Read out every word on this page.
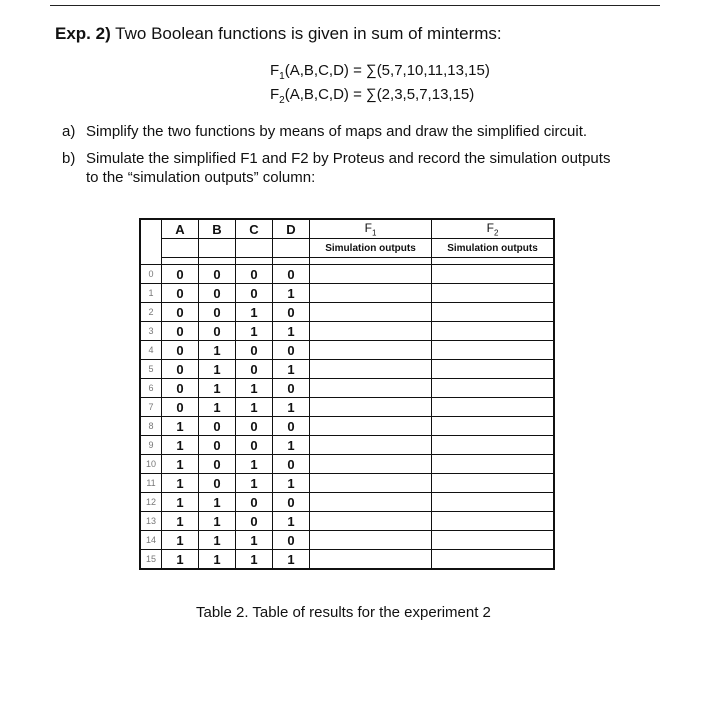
Exp. 2) Two Boolean functions is given in sum of minterms:
$F_1(A,B,C,D) = \sum(5,7,10,11,13,15)$
$F_2(A,B,C,D) = \sum(2,3,5,7,13,15)$
a) Simplify the two functions by means of maps and draw the simplified circuit.
b) Simulate the simplified F1 and F2 by Proteus and record the simulation outputs
to the “simulation outputs” column:
	A	B	C	D	$F_1$	$F_2$
					Simulation outputs	Simulation outputs

0	0	0	0	0		
1	0	0	0	1		
2	0	0	1	0		
3	0	0	1	1		
4	0	1	0	0		
5	0	1	0	1		
6	0	1	1	0		
7	0	1	1	1		
8	1	0	0	0		
9	1	0	0	1		
10	1	0	1	0		
11	1	0	1	1		
12	1	1	0	0		
13	1	1	0	1		
14	1	1	1	0		
15	1	1	1	1		
Table 2. Table of results for the experiment 2
